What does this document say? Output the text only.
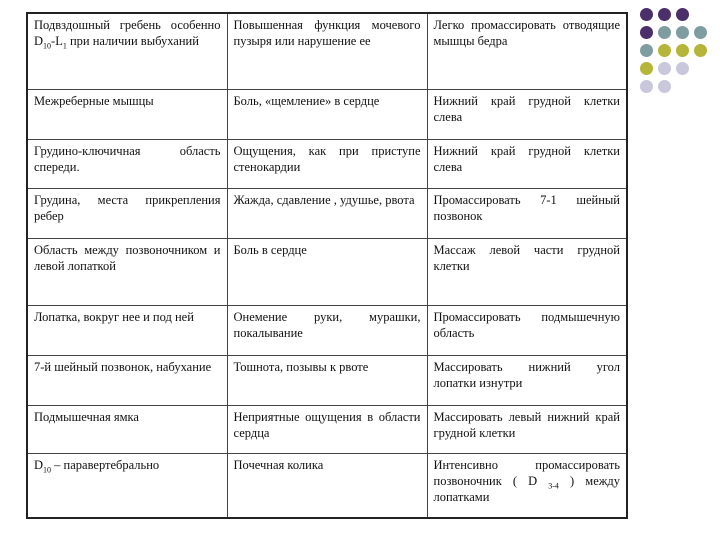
Подвздошный гребень особенно $D_{10}-L_1$ при наличии выбуханий	Повышенная функция мочевого пузыря или нарушение ее	Легко промассировать отводящие мышцы бедра
Межреберные мышцы	Боль, «щемление» в сердце	Нижний край грудной клетки слева
Грудино-ключичная область спереди.	Ощущения, как при приступе стенокардии	Нижний край грудной клетки слева
Грудина, места прикрепления ребер	Жажда, сдавление , удушье, рвота	Промассировать 7-1 шейный позвонок
Область между позвоночником и левой лопаткой	Боль в сердце	Массаж левой части грудной клетки
Лопатка, вокруг нее и под ней	Онемение руки, мурашки, покалывание	Промассировать подмышечную область
7-й шейный позвонок, набухание	Тошнота, позывы к рвоте	Массировать нижний угол лопатки изнутри
Подмышечная ямка	Неприятные ощущения в области сердца	Массировать левый нижний край грудной клетки
$D_{10}$ – паравертебрально	Почечная колика	Интенсивно промассировать позвоночник ( D $_{3-4}$ ) между лопатками
